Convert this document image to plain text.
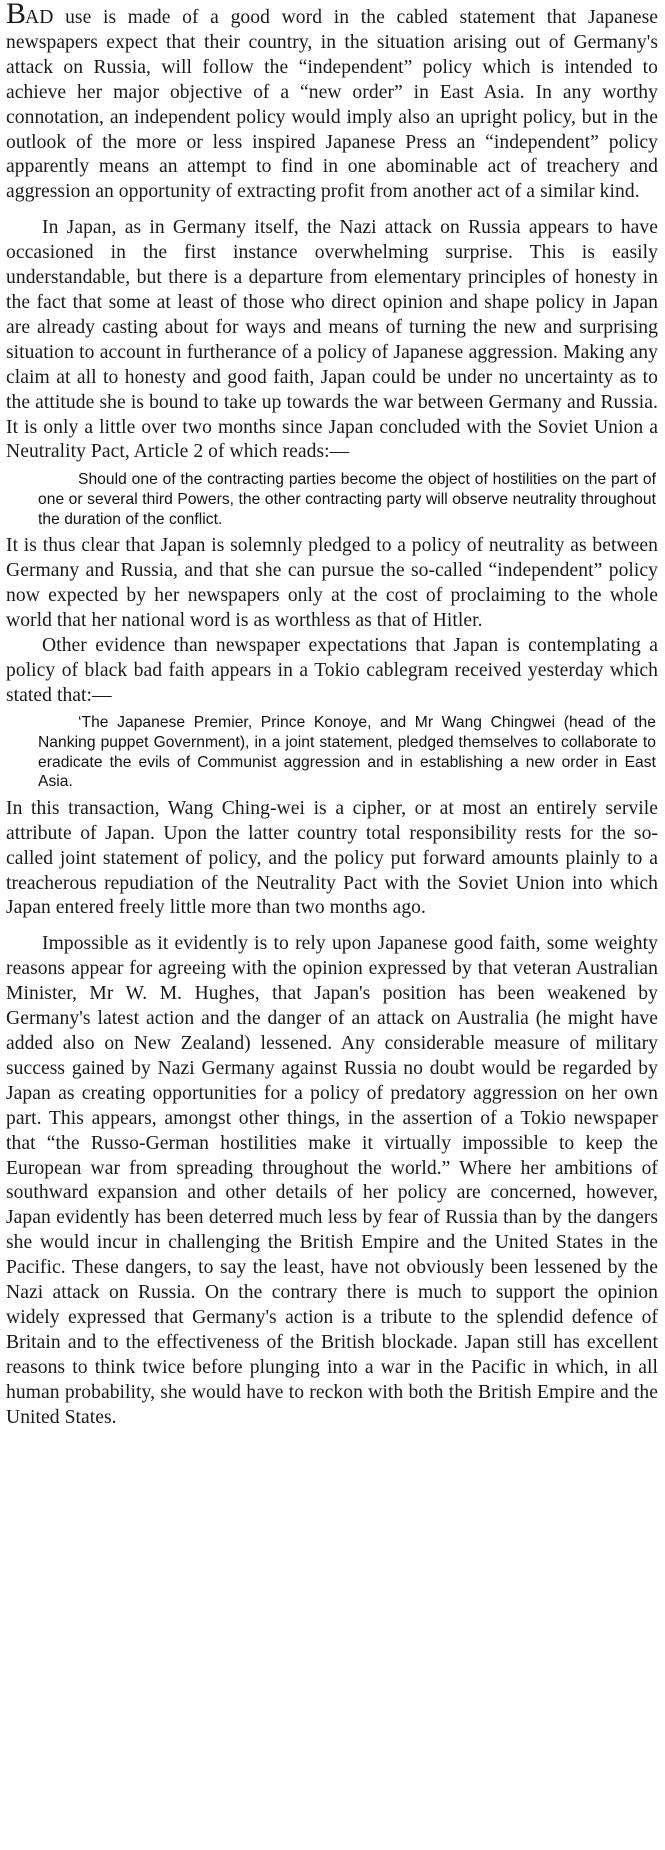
BAD use is made of a good word in the cabled statement that Japanese newspapers expect that their country, in the situation arising out of Germany's attack on Russia, will follow the “independent” policy which is intended to achieve her major objective of a “new order” in East Asia. In any worthy connotation, an independent policy would imply also an upright policy, but in the outlook of the more or less inspired Japanese Press an “independent” policy apparently means an attempt to find in one abominable act of treachery and aggression an opportunity of extracting profit from another act of a similar kind.

In Japan, as in Germany itself, the Nazi attack on Russia appears to have occasioned in the first instance overwhelming surprise. This is easily understandable, but there is a departure from elementary principles of honesty in the fact that some at least of those who direct opinion and shape policy in Japan are already casting about for ways and means of turning the new and surprising situation to account in furtherance of a policy of Japanese aggression. Making any claim at all to honesty and good faith, Japan could be under no uncertainty as to the attitude she is bound to take up towards the war between Germany and Russia. It is only a little over two months since Japan concluded with the Soviet Union a Neutrality Pact, Article 2 of which reads:—

Should one of the contracting parties become the object of hostilities on the part of one or several third Powers, the other contracting party will observe neutrality throughout the duration of the conflict.

It is thus clear that Japan is solemnly pledged to a policy of neutrality as between Germany and Russia, and that she can pursue the so-called “independent” policy now expected by her newspapers only at the cost of proclaiming to the whole world that her national word is as worthless as that of Hitler.

Other evidence than newspaper expectations that Japan is contemplating a policy of black bad faith appears in a Tokio cablegram received yesterday which stated that:—

‘The Japanese Premier, Prince Konoye, and Mr Wang Chingwei (head of the Nanking puppet Government), in a joint statement, pledged themselves to collaborate to eradicate the evils of Communist aggression and in establishing a new order in East Asia.

In this transaction, Wang Ching-wei is a cipher, or at most an entirely servile attribute of Japan. Upon the latter country total responsibility rests for the so-called joint statement of policy, and the policy put forward amounts plainly to a treacherous repudiation of the Neutrality Pact with the Soviet Union into which Japan entered freely little more than two months ago.

Impossible as it evidently is to rely upon Japanese good faith, some weighty reasons appear for agreeing with the opinion expressed by that veteran Australian Minister, Mr W. M. Hughes, that Japan's position has been weakened by Germany's latest action and the danger of an attack on Australia (he might have added also on New Zealand) lessened. Any considerable measure of military success gained by Nazi Germany against Russia no doubt would be regarded by Japan as creating opportunities for a policy of predatory aggression on her own part. This appears, amongst other things, in the assertion of a Tokio newspaper that “the Russo-German hostilities make it virtually impossible to keep the European war from spreading throughout the world.” Where her ambitions of southward expansion and other details of her policy are concerned, however, Japan evidently has been deterred much less by fear of Russia than by the dangers she would incur in challenging the British Empire and the United States in the Pacific. These dangers, to say the least, have not obviously been lessened by the Nazi attack on Russia. On the contrary there is much to support the opinion widely expressed that Germany's action is a tribute to the splendid defence of Britain and to the effectiveness of the British blockade. Japan still has excellent reasons to think twice before plunging into a war in the Pacific in which, in all human probability, she would have to reckon with both the British Empire and the United States.
